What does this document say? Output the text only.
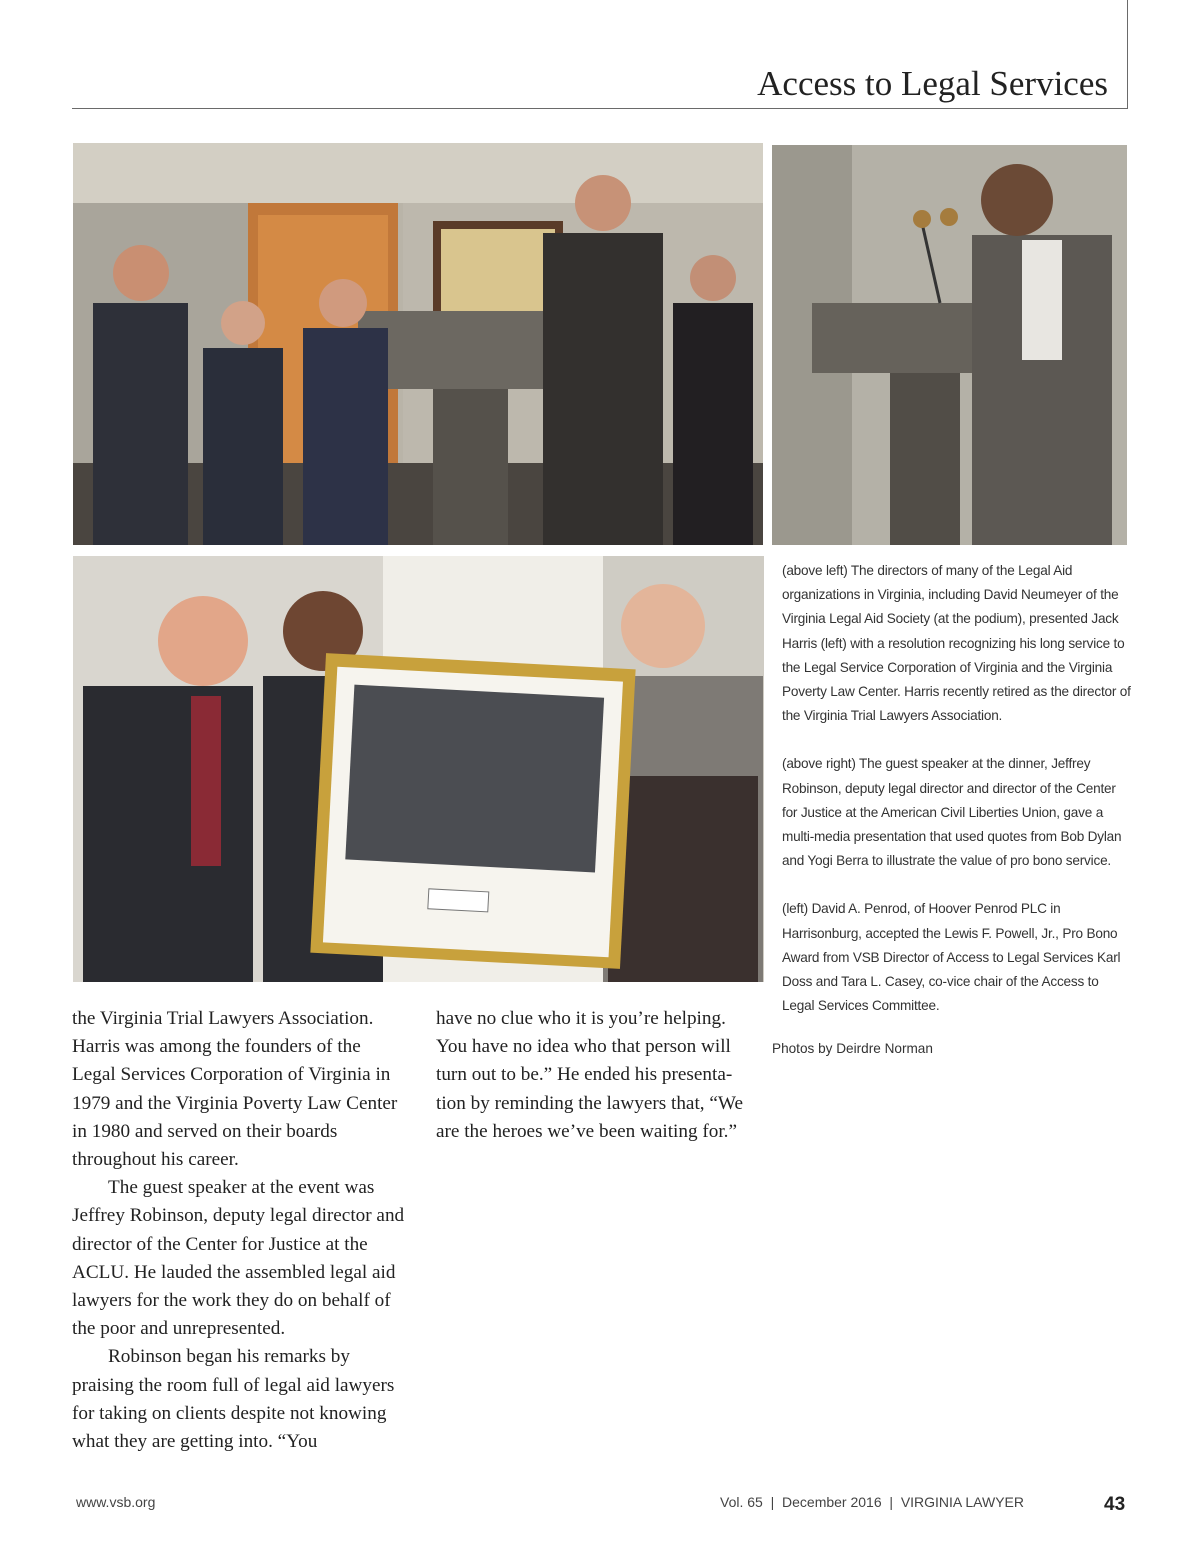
Access to Legal Services

(above left) The directors of many of the Legal Aid organizations in Virginia, including David Neumeyer of the Virginia Legal Aid Society (at the podium), presented Jack Harris (left) with a resolution recognizing his long service to the Legal Service Corporation of Virginia and the Virginia Poverty Law Center. Harris recently retired as the director of the Virginia Trial Lawyers Association.

(above right) The guest speaker at the dinner, Jeffrey Robinson, deputy legal director and director of the Center for Justice at the American Civil Liberties Union, gave a multi-media presentation that used quotes from Bob Dylan and Yogi Berra to illustrate the value of pro bono service.

(left) David A. Penrod, of Hoover Penrod PLC in Harrisonburg, accepted the Lewis F. Powell, Jr., Pro Bono Award from VSB Director of Access to Legal Services Karl Doss and Tara L. Casey, co-vice chair of the Access to Legal Services Committee.

Photos by Deirdre Norman

the Virginia Trial Lawyers Association. Harris was among the founders of the Legal Services Corporation of Virginia in 1979 and the Virginia Poverty Law Center in 1980 and served on their boards throughout his career.

The guest speaker at the event was Jeffrey Robinson, deputy legal director and director of the Center for Justice at the ACLU. He lauded the assembled legal aid lawyers for the work they do on behalf of the poor and unrepresented.

Robinson began his remarks by praising the room full of legal aid lawyers for taking on clients despite not knowing what they are getting into. “You

have no clue who it is you’re helping. You have no idea who that person will turn out to be.” He ended his presenta-tion by reminding the lawyers that, “We are the heroes we’ve been waiting for.”

www.vsb.org	Vol. 65  |  December 2016  |  VIRGINIA LAWYER	43
